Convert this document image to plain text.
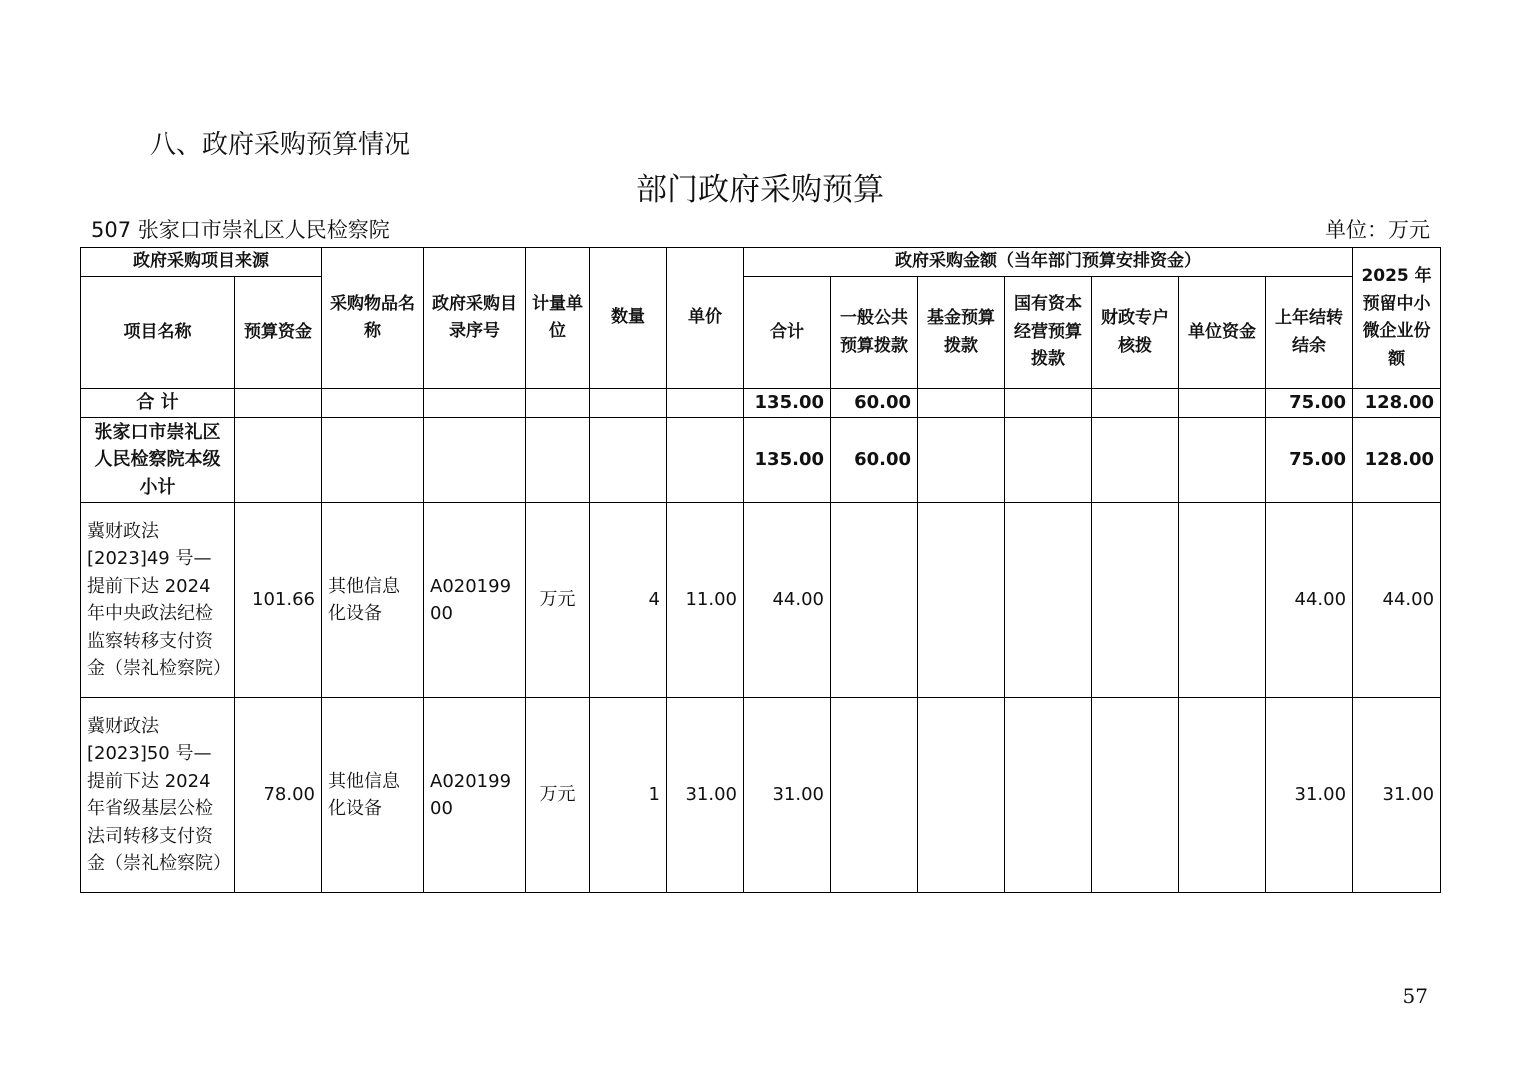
八、政府采购预算情况
部门政府采购预算
507 张家口市崇礼区人民检察院	单位：万元
政府采购项目来源		采购物品名称	政府采购目录序号	计量单位	数量	单价	政府采购金额（当年部门预算安排资金）							2025 年 预留中小微企业份额
项目名称	预算资金						合计	一般公共预算拨款	基金预算拨款	国有资本经营预算拨款	财政专户核拨	单位资金	上年结转结余	
合 计							135.00	60.00					75.00	128.00
张家口市崇礼区人民检察院本级小计							135.00	60.00					75.00	128.00
冀财政法[2023]49 号—提前下达 2024 年中央政法纪检监察转移支付资金（崇礼检察院）	101.66	其他信息化设备	A02019900	万元	4	11.00	44.00						44.00	44.00
冀财政法[2023]50 号—提前下达 2024 年省级基层公检法司转移支付资金（崇礼检察院）	78.00	其他信息化设备	A02019900	万元	1	31.00	31.00						31.00	31.00
57
